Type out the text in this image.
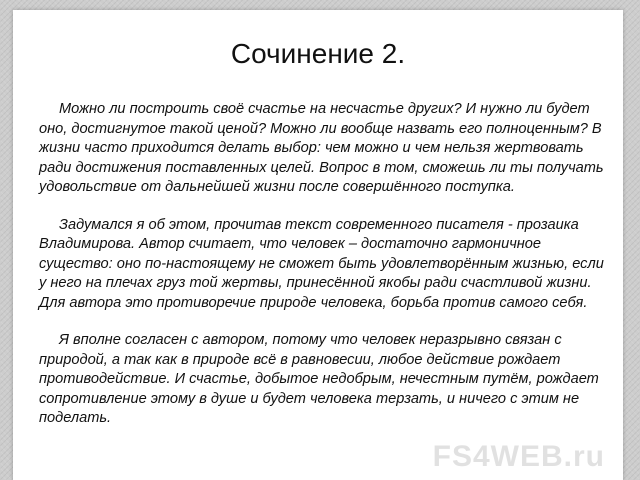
Сочинение 2.

Можно ли построить своё счастье на несчастье других? И нужно ли будет оно, достигнутое такой ценой? Можно ли вообще назвать его полноценным? В жизни часто приходится делать выбор: чем можно и чем нельзя жертвовать ради достижения поставленных целей. Вопрос в том, сможешь ли ты получать удовольствие от дальнейшей жизни после совершённого поступка.

Задумался я об этом, прочитав текст современного писателя - прозаика Владимирова. Автор считает, что человек – достаточно гармоничное существо: оно по-настоящему не сможет быть удовлетворённым жизнью, если у него на плечах груз той жертвы, принесённой якобы ради счастливой жизни. Для автора это противоречие природе человека, борьба против самого себя.

Я вполне согласен с автором, потому что человек неразрывно связан с природой, а так как в природе всё в равновесии, любое действие рождает противодействие. И счастье, добытое недобрым, нечестным путём, рождает сопротивление этому в душе и будет человека терзать, и ничего с этим не поделать.

FS4WEB.ru
